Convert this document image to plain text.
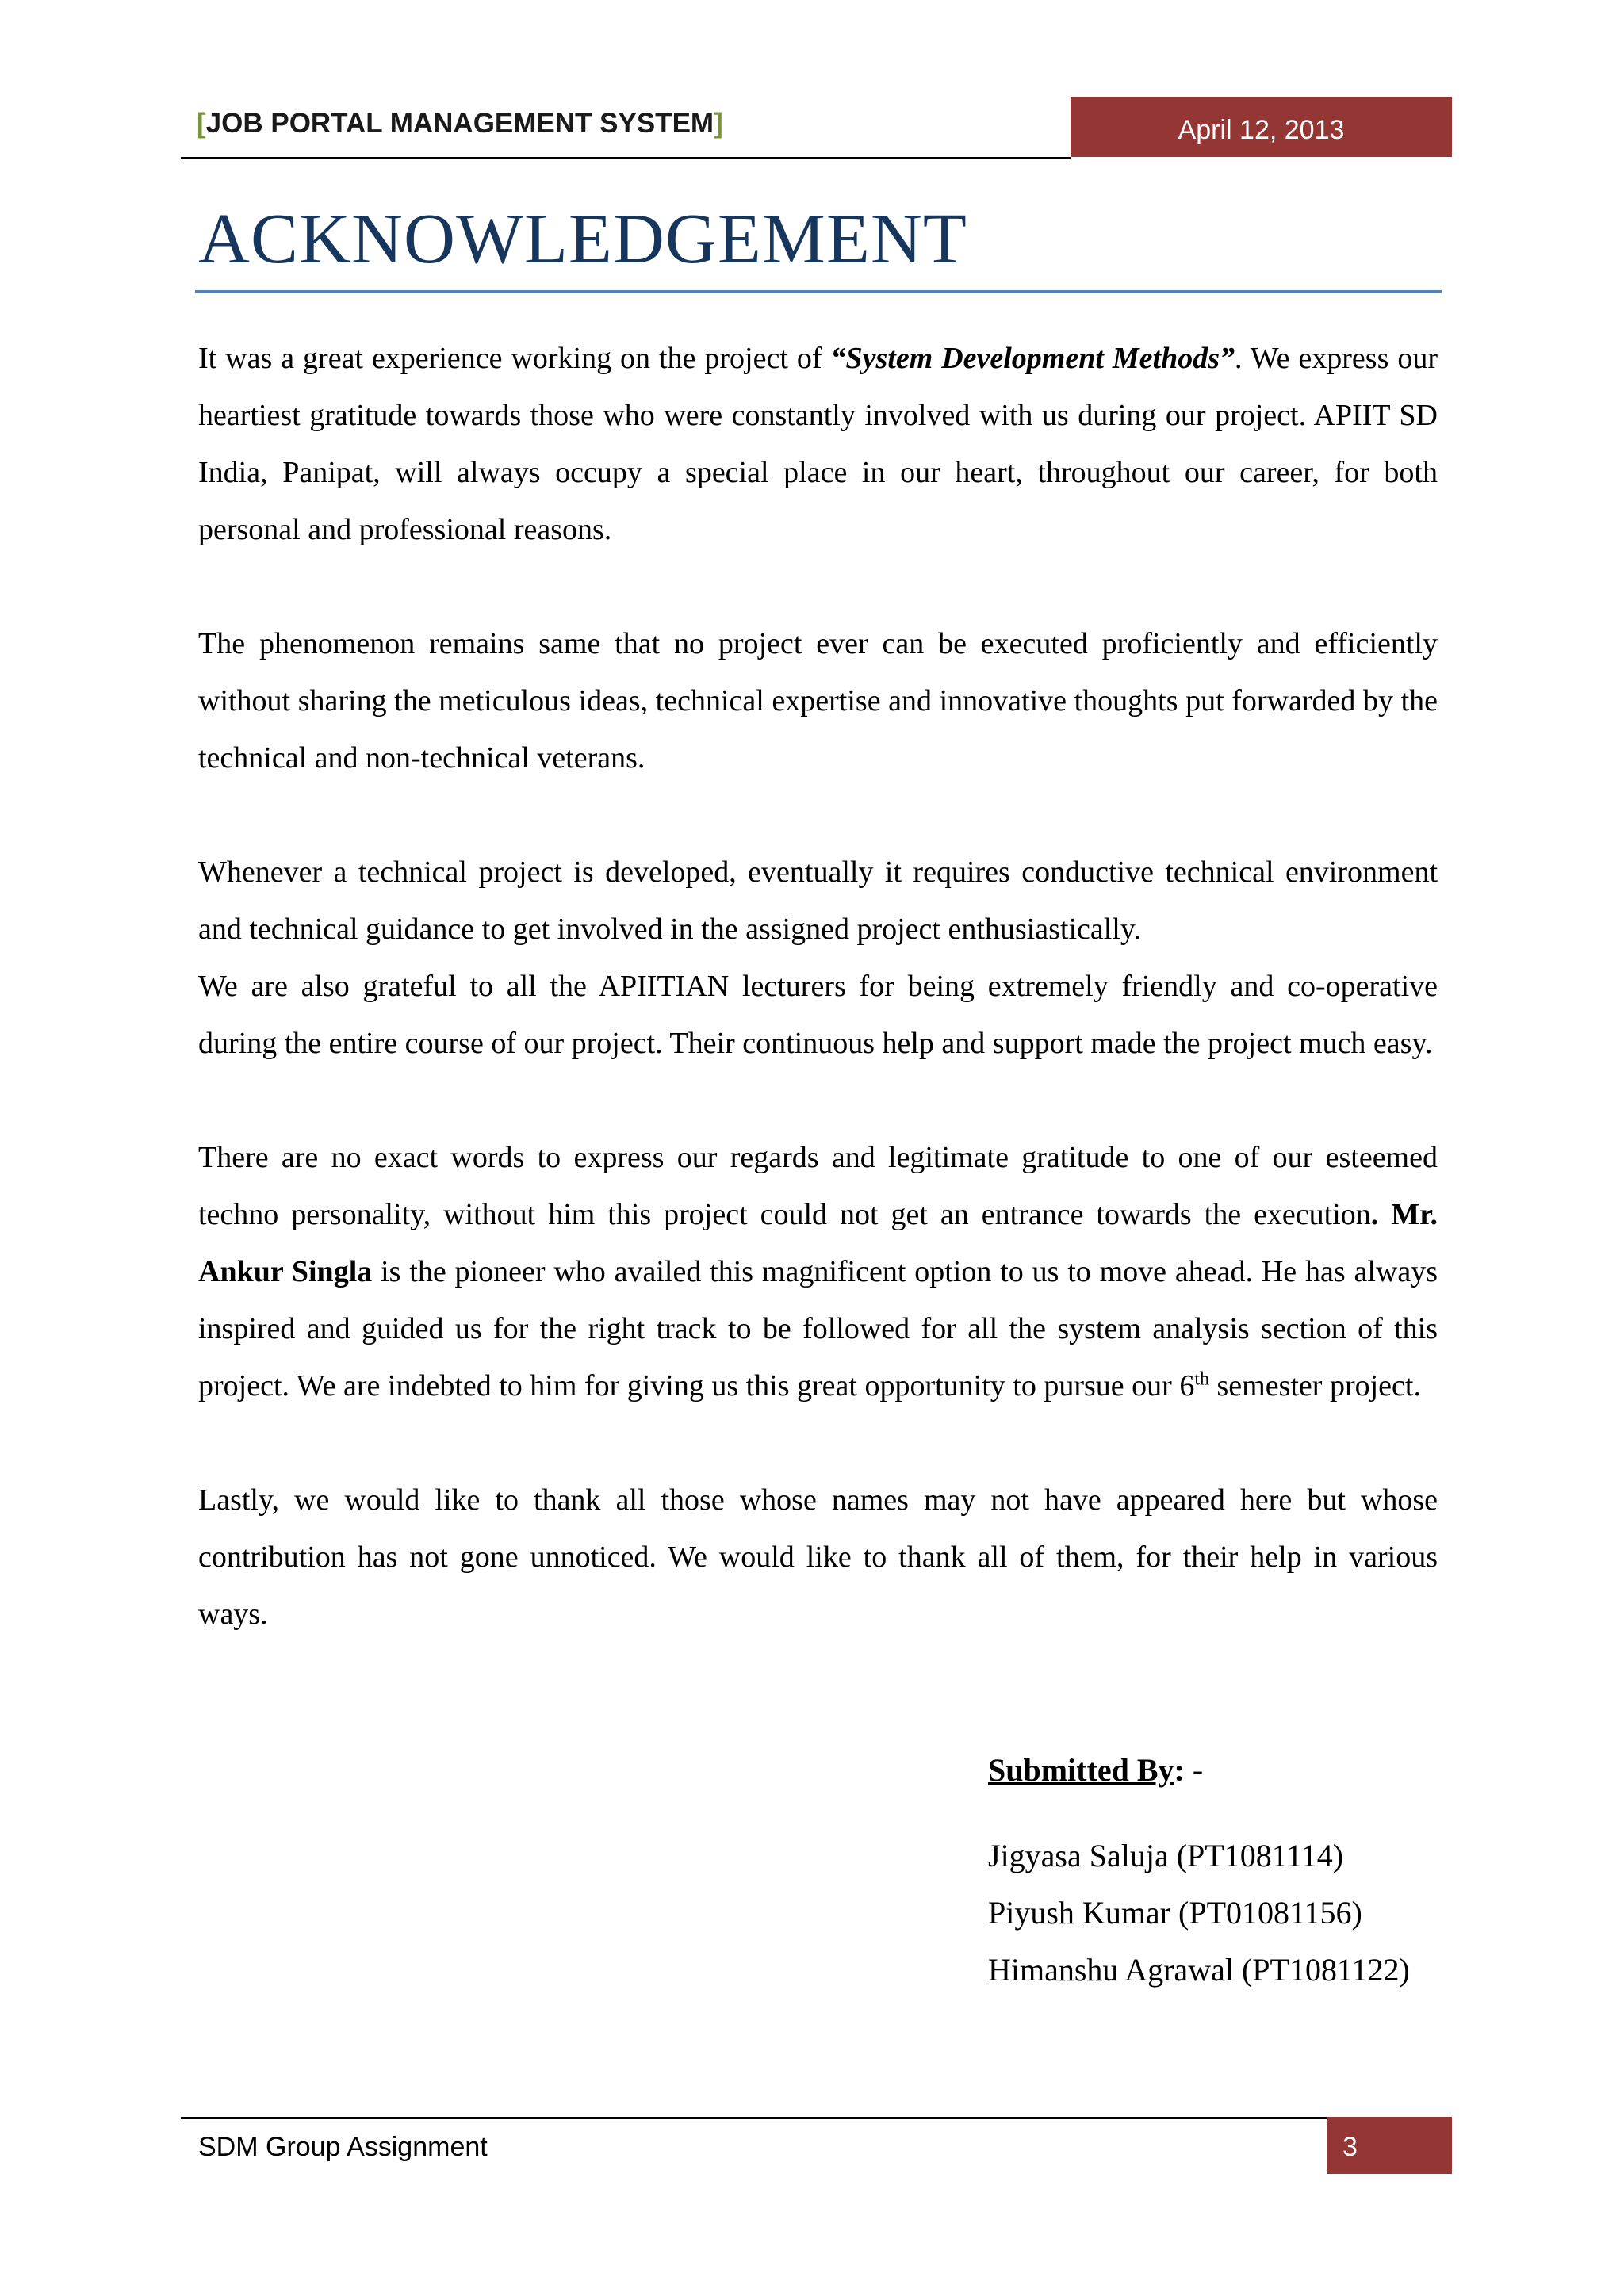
[JOB PORTAL MANAGEMENT SYSTEM]	April 12, 2013
ACKNOWLEDGEMENT

It was a great experience working on the project of “System Development Methods”. We express our heartiest gratitude towards those who were constantly involved with us during our project. APIIT SD India, Panipat, will always occupy a special place in our heart, throughout our career, for both personal and professional reasons.

The phenomenon remains same that no project ever can be executed proficiently and efficiently without sharing the meticulous ideas, technical expertise and innovative thoughts put forwarded by the technical and non-technical veterans.

Whenever a technical project is developed, eventually it requires conductive technical environment and technical guidance to get involved in the assigned project enthusiastically.

We are also grateful to all the APIITIAN lecturers for being extremely friendly and co-operative during the entire course of our project. Their continuous help and support made the project much easy.

There are no exact words to express our regards and legitimate gratitude to one of our esteemed techno personality, without him this project could not get an entrance towards the execution. Mr. Ankur Singla is the pioneer who availed this magnificent option to us to move ahead. He has always inspired and guided us for the right track to be followed for all the system analysis section of this project. We are indebted to him for giving us this great opportunity to pursue our 6th semester project.

Lastly, we would like to thank all those whose names may not have appeared here but whose contribution has not gone unnoticed. We would like to thank all of them, for their help in various ways.

Submitted By: -
Jigyasa Saluja (PT1081114)
Piyush Kumar (PT01081156)
Himanshu Agrawal (PT1081122)
SDM Group Assignment	3
